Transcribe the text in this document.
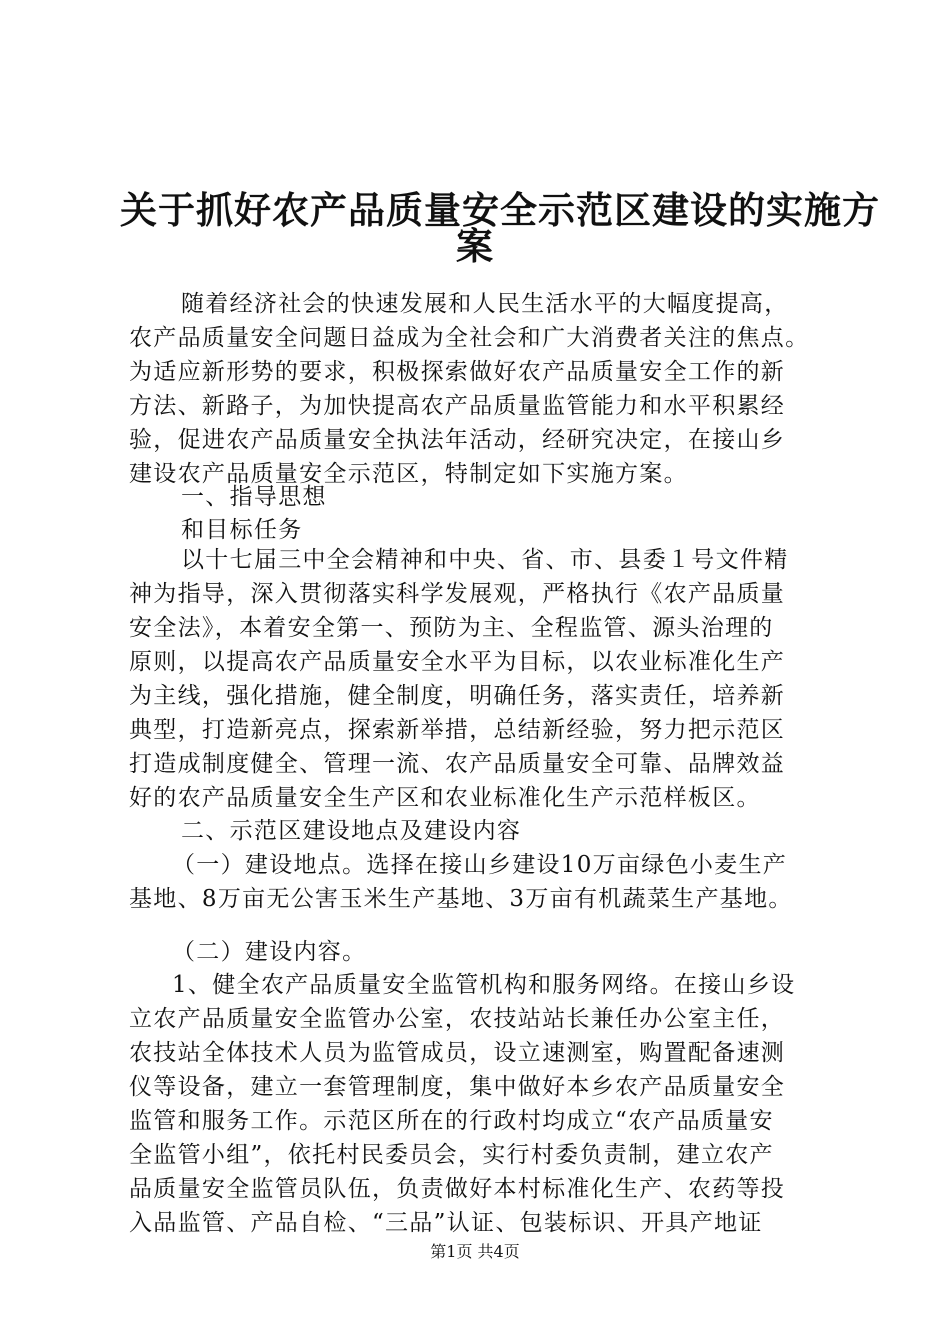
关于抓好农产品质量安全示范区建设的实施方
案
随着经济社会的快速发展和人民生活水平的大幅度提高，
农产品质量安全问题日益成为全社会和广大消费者关注的焦点。
为适应新形势的要求，积极探索做好农产品质量安全工作的新
方法、新路子，为加快提高农产品质量监管能力和水平积累经
验，促进农产品质量安全执法年活动，经研究决定，在接山乡
建设农产品质量安全示范区，特制定如下实施方案。
一、指导思想
和目标任务
以十七届三中全会精神和中央、省、市、县委１号文件精
神为指导，深入贯彻落实科学发展观，严格执行《农产品质量
安全法》，本着安全第一、预防为主、全程监管、源头治理的
原则，以提高农产品质量安全水平为目标，以农业标准化生产
为主线，强化措施，健全制度，明确任务，落实责任，培养新
典型，打造新亮点，探索新举措，总结新经验，努力把示范区
打造成制度健全、管理一流、农产品质量安全可靠、品牌效益
好的农产品质量安全生产区和农业标准化生产示范样板区。
二、示范区建设地点及建设内容
（一）建设地点。选择在接山乡建设10万亩绿色小麦生产
基地、8万亩无公害玉米生产基地、3万亩有机蔬菜生产基地。
（二）建设内容。
1、健全农产品质量安全监管机构和服务网络。在接山乡设
立农产品质量安全监管办公室，农技站站长兼任办公室主任，
农技站全体技术人员为监管成员，设立速测室，购置配备速测
仪等设备，建立一套管理制度，集中做好本乡农产品质量安全
监管和服务工作。示范区所在的行政村均成立“农产品质量安
全监管小组”，依托村民委员会，实行村委负责制，建立农产
品质量安全监管员队伍，负责做好本村标准化生产、农药等投
入品监管、产品自检、“三品”认证、包装标识、开具产地证
第1页 共4页
